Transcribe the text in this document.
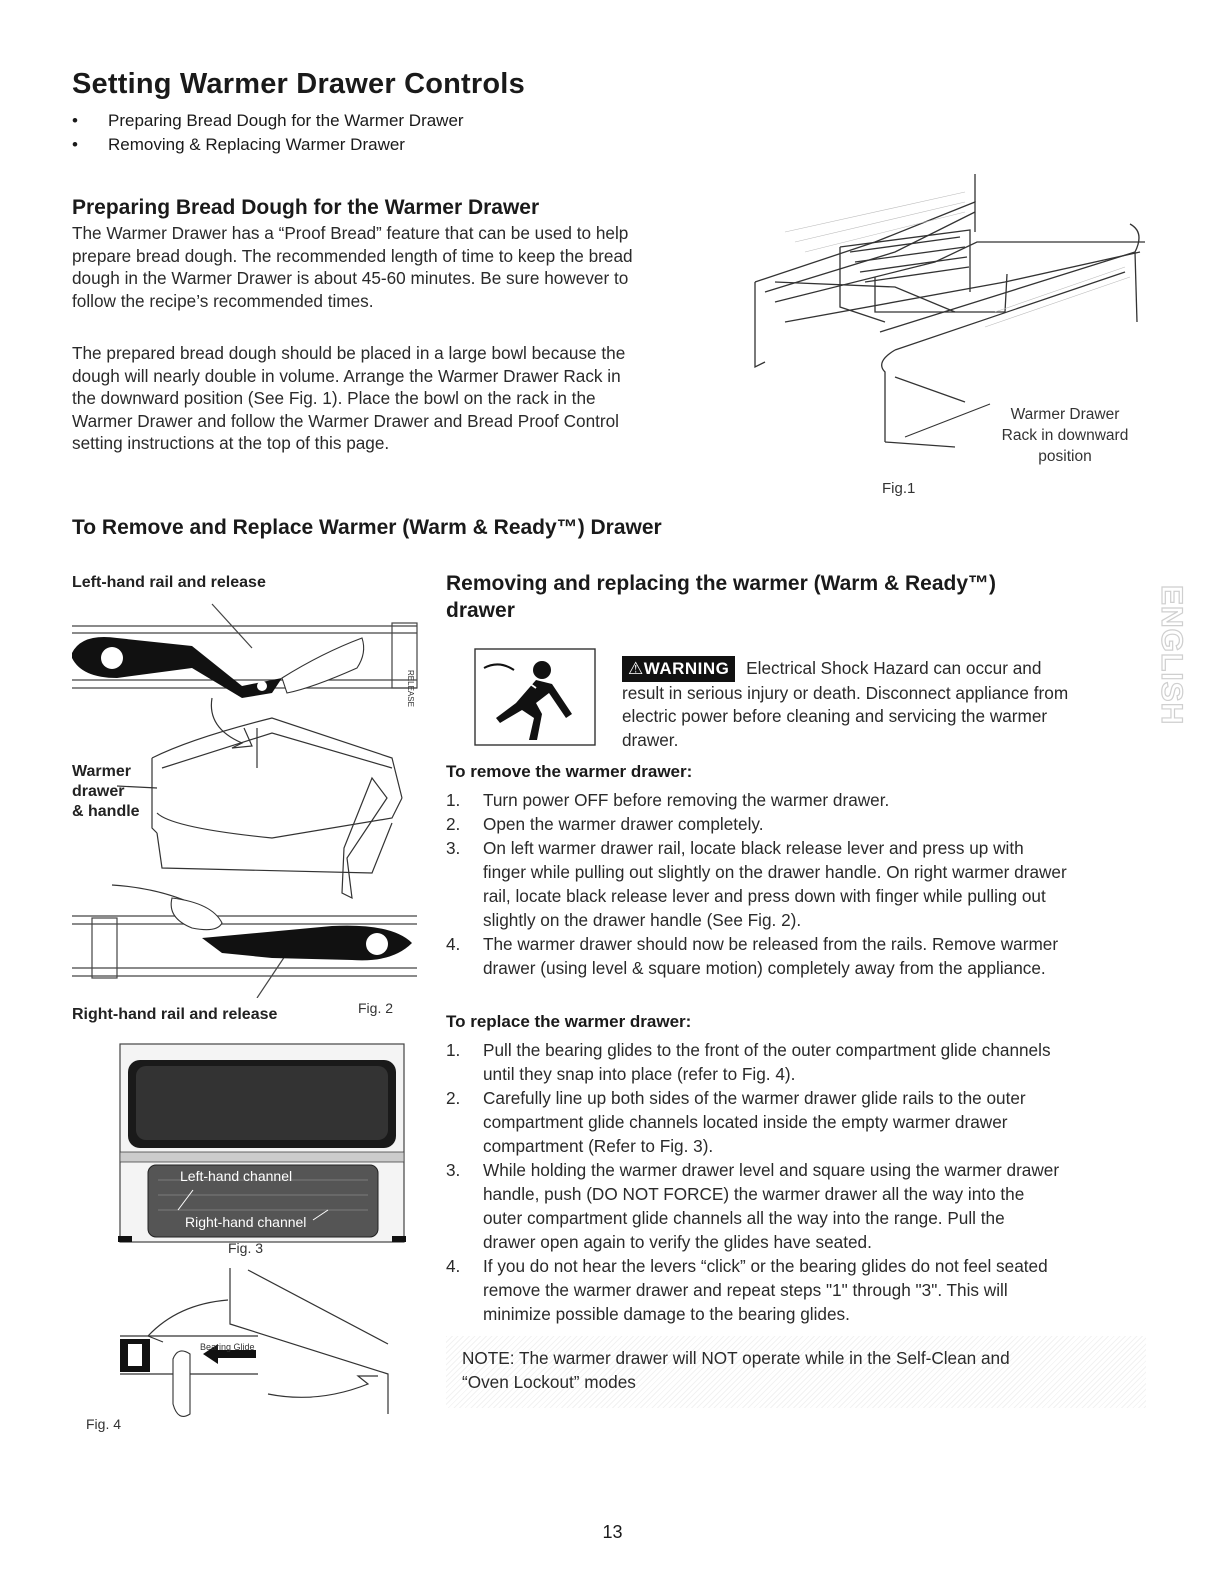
Setting Warmer Drawer Controls
• Preparing Bread Dough for the Warmer Drawer
• Removing & Replacing Warmer Drawer
Preparing Bread Dough for the Warmer Drawer
The Warmer Drawer has a “Proof Bread” feature that can be used to help
prepare bread dough. The recommended length of time to keep the bread
dough in the Warmer Drawer is about 45-60 minutes. Be sure however to
follow the recipe’s recommended times.
The prepared bread dough should be placed in a large bowl because the
dough will nearly double in volume. Arrange the Warmer Drawer Rack in
the downward position (See Fig. 1). Place the bowl on the rack in the
Warmer Drawer and follow the Warmer Drawer and Bread Proof Control
setting instructions at the top of this page.
Warmer Drawer
Rack in downward
position
Fig.1
To Remove and Replace Warmer (Warm & Ready™) Drawer
Left-hand rail and release
RELEASE
Warmer
drawer
& handle
Right-hand rail and release	Fig. 2
Left-hand channel
Right-hand channel
Fig. 3
Bearing Glide
Fig. 4
Removing and replacing the warmer (Warm & Ready™)
drawer
⚠WARNING Electrical Shock Hazard can occur and
result in serious injury or death. Disconnect appliance from
electric power before cleaning and servicing the warmer
drawer.
To remove the warmer drawer:
1. Turn power OFF before removing the warmer drawer.
2. Open the warmer drawer completely.
3. On left warmer drawer rail, locate black release lever and press up with
finger while pulling out slightly on the drawer handle. On right warmer drawer
rail, locate black release lever and press down with finger while pulling out
slightly on the drawer handle (See Fig. 2).
4. The warmer drawer should now be released from the rails. Remove warmer
drawer (using level & square motion) completely away from the appliance.
To replace the warmer drawer:
1. Pull the bearing glides to the front of the outer compartment glide channels
until they snap into place (refer to Fig. 4).
2. Carefully line up both sides of the warmer drawer glide rails to the outer
compartment glide channels located inside the empty warmer drawer
compartment (Refer to Fig. 3).
3. While holding the warmer drawer level and square using the warmer drawer
handle, push (DO NOT FORCE) the warmer drawer all the way into the
outer compartment glide channels all the way into the range. Pull the
drawer open again to verify the glides have seated.
4. If you do not hear the levers “click” or the bearing glides do not feel seated
remove the warmer drawer and repeat steps "1" through "3". This will
minimize possible damage to the bearing glides.
NOTE: The warmer drawer will NOT operate while in the Self-Clean and
“Oven Lockout” modes
ENGLISH
13
